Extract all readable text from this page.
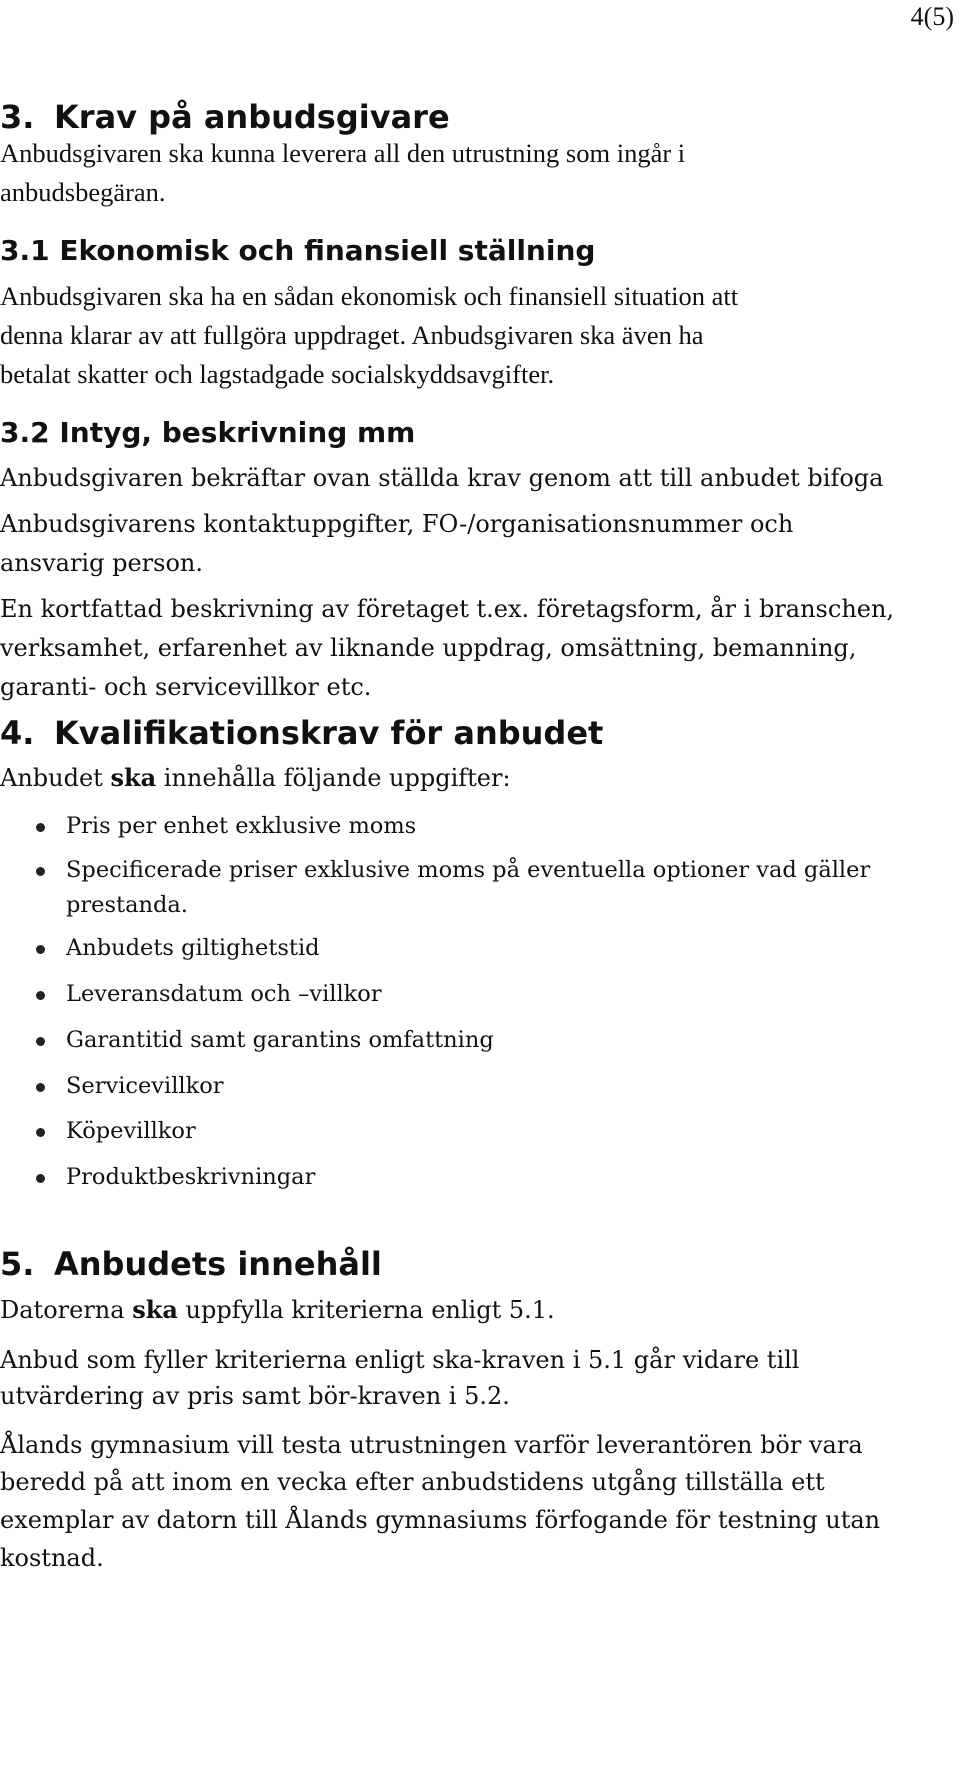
4(5)
3. Krav på anbudsgivare

Anbudsgivaren ska kunna leverera all den utrustning som ingår i

anbudsbegäran.

3.1 Ekonomisk och finansiell ställning

Anbudsgivaren ska ha en sådan ekonomisk och finansiell situation att

denna klarar av att fullgöra uppdraget. Anbudsgivaren ska även ha

betalat skatter och lagstadgade socialskyddsavgifter.

3.2 Intyg, beskrivning mm

Anbudsgivaren bekräftar ovan ställda krav genom att till anbudet bifoga

Anbudsgivarens kontaktuppgifter, FO-/organisationsnummer och

ansvarig person.

En kortfattad beskrivning av företaget t.ex. företagsform, år i branschen,

verksamhet, erfarenhet av liknande uppdrag, omsättning, bemanning,

garanti- och servicevillkor etc.

4. Kvalifikationskrav för anbudet

Anbudet ska innehålla följande uppgifter:

Pris per enhet exklusive moms
Specificerade priser exklusive moms på eventuella optioner vad gäller
prestanda.
Anbudets giltighetstid
Leveransdatum och –villkor
Garantitid samt garantins omfattning
Servicevillkor
Köpevillkor
Produktbeskrivningar
5. Anbudets innehåll

Datorerna ska uppfylla kriterierna enligt 5.1.

Anbud som fyller kriterierna enligt ska-kraven i 5.1 går vidare till

utvärdering av pris samt bör-kraven i 5.2.

Ålands gymnasium vill testa utrustningen varför leverantören bör vara

beredd på att inom en vecka efter anbudstidens utgång tillställa ett

exemplar av datorn till Ålands gymnasiums förfogande för testning utan

kostnad.
